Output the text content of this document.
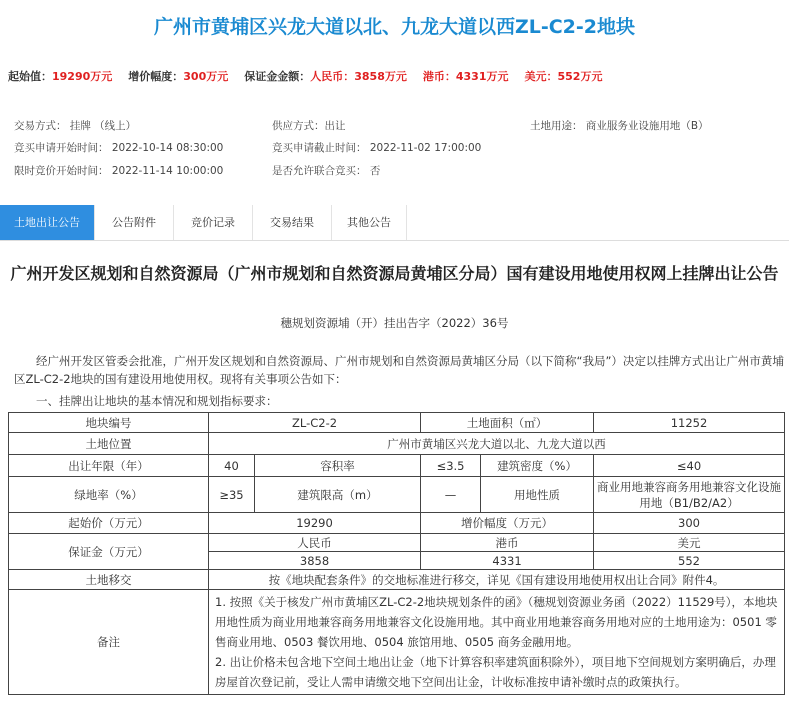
广州市黄埔区兴龙大道以北、九龙大道以西ZL-C2-2地块
起始值：19290万元 增价幅度：300万元 保证金金额：人民币：3858万元 港币：4331万元 美元：552万元
交易方式： 挂牌 （线上）	供应方式：出让	土地用途： 商业服务业设施用地（B）
竞买申请开始时间： 2022-10-14 08:30:00	竞买申请截止时间： 2022-11-02 17:00:00
限时竞价开始时间： 2022-11-14 10:00:00	是否允许联合竞买： 否
土地出让公告	公告附件	竞价记录	交易结果	其他公告
广州开发区规划和自然资源局（广州市规划和自然资源局黄埔区分局）国有建设用地使用权网上挂牌出让公告
穗规划资源埔（开）挂出告字（2022）36号
经广州开发区管委会批准，广州开发区规划和自然资源局、广州市规划和自然资源局黄埔区分局（以下简称“我局”）决定以挂牌方式出让广州市黄埔区ZL-C2-2地块的国有建设用地使用权。现将有关事项公告如下：
一、挂牌出让地块的基本情况和规划指标要求：
地块编号	ZL-C2-2		土地面积（㎡）		11252
土地位置	广州市黄埔区兴龙大道以北、九龙大道以西				
出让年限（年）	40	容积率	≤3.5	建筑密度（%）	≤40
绿地率（%）	≥35	建筑限高（m）	—	用地性质	商业用地兼容商务用地兼容文化设施用地（B1/B2/A2）
起始价（万元）	19290		增价幅度（万元）		300
保证金（万元）	人民币		港币		美元
	3858		4331		552
土地移交	按《地块配套条件》的交地标准进行移交，详见《国有建设用地使用权出让合同》附件4。				
备注	1. 按照《关于核发广州市黄埔区ZL-C2-2地块规划条件的函》（穗规划资源业务函（2022）11529号），本地块用地性质为商业用地兼容商务用地兼容文化设施用地。其中商业用地兼容商务用地对应的土地用途为：0501 零售商业用地、0503 餐饮用地、0504 旅馆用地、0505 商务金融用地。
2. 出让价格未包含地下空间土地出让金（地下计算容积率建筑面积除外），项目地下空间规划方案明确后，办理房屋首次登记前，受让人需申请缴交地下空间出让金，计收标准按申请补缴时点的政策执行。				
